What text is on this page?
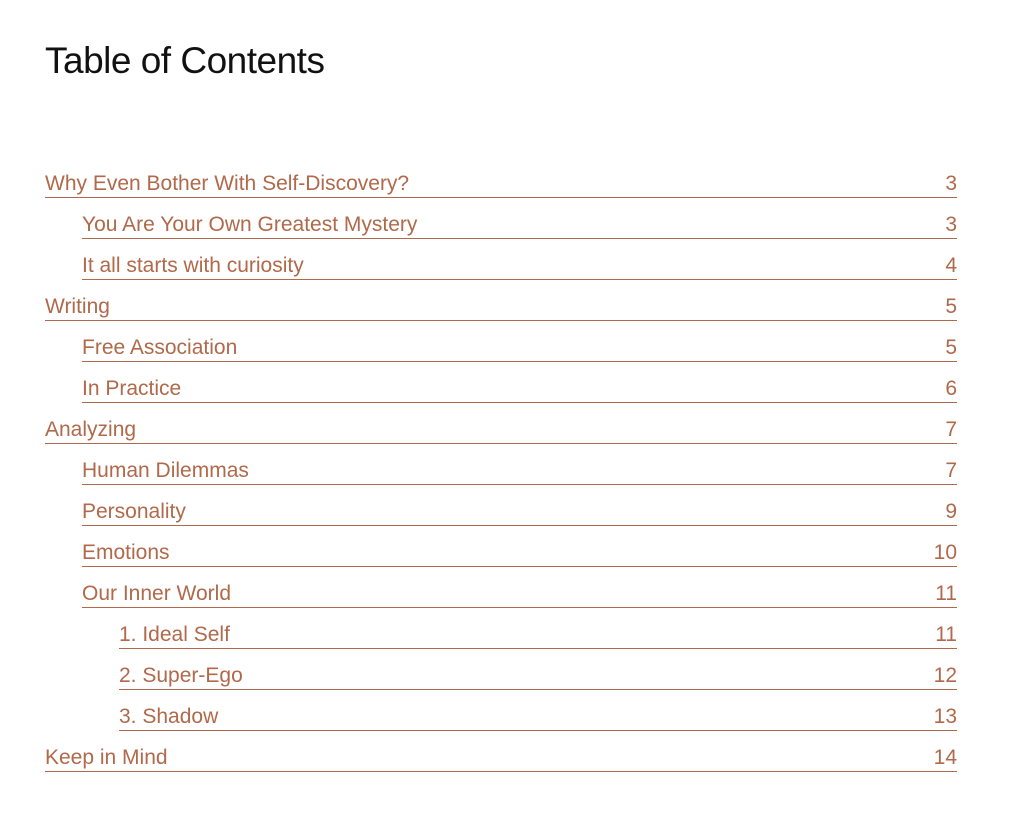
Table of Contents
Why Even Bother With Self-Discovery?	3
You Are Your Own Greatest Mystery	3
It all starts with curiosity	4
Writing	5
Free Association	5
In Practice	6
Analyzing	7
Human Dilemmas	7
Personality	9
Emotions	10
Our Inner World	11
1. Ideal Self	11
2. Super-Ego	12
3. Shadow	13
Keep in Mind	14
